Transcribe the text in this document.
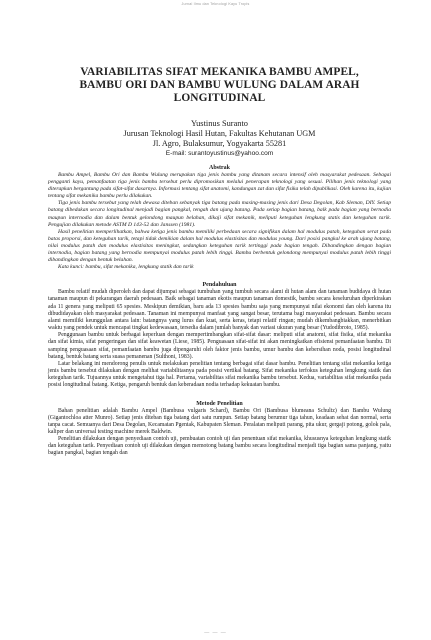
Jurnal Ilmu dan Teknologi Kayu Tropis
VARIABILITAS SIFAT MEKANIKA BAMBU AMPEL,
BAMBU ORI DAN BAMBU WULUNG DALAM ARAH
LONGITUDINAL
Yustinus Suranto
Jurusan Teknologi Hasil Hutan, Fakultas Kehutanan UGM
Jl. Agro, Bulaksumur, Yogyakarta 55281
E-mail: surantoyustinus@yahoo.com
Abstrak

Bambu Ampel, Bambu Ori dan Bambu Wulung merupakan tiga jenis bambu yang ditanam secara intensif oleh masyarakat pedesaan. Sebagai pengganti kayu, pemanfaatan tiga jenis bambu tersebut perlu dipromosikan melalui penerapan teknologi yang sesuai. Pilihan jenis teknologi yang diterapkan bergantung pada sifat-sifat dasarnya. Informasi tentang sifat anatomi, kandungan zat dan sifat fisika telah dipublikasi. Oleh karena itu, kajian tentang sifat mekanika bambu perlu dilakukan.

Tiga jenis bambu tersebut yang telah dewasa diteban sebanyak tiga batang pada masing-masing jenis dari Desa Degolan, Kab Sleman, DIY. Setiap batang dibedakan secara longitudinal menjadi bagian pangkal, tengah dan ujung batang. Pada setiap bagian batang, balk pada bagian yang bernodia maupun internodia dan dalam bentuk gelondong maupun belahan, dikaji sifat mekanik, meliputi keteguhan lengkung statis dan keteguhan tarik. Pengujian dilakukan metode ASTM D 143-52 dan Janssen (1981).

Hasil penelitian memperlihatkan, bahwa ketiga jenis bambu memiliki perbedaan secara signifikan dalam hal modulus patah, keteguhan serat pada batas proporsi, dan keteguhan tarik, tetapi tidak demikian dalam hal modulus elastisitas dan modulus young. Dari posisi pangkal ke arah ujung batang, nilai modulus patah dan modulus elastisitas meningkat, sedangkan keteguhan tarik tertinggi pada bagian tengah. Dibandingkan dengan bagian internodia, bagian batang yang bernodia mempunyai modulus patah lebih tinggi. Bambu berbentuk gelondong mempunyai modulus patah lebih tinggi dibandingkan dengan bentuk belahan.

Kata kunci: bambu, sifat mekanika, lengkung statik dan tarik

Pendahuluan

Bambu relatif mudah diperoleh dan dapat dijumpai sebagai tumbuhan yang tumbuh secara alami di hutan alam dan tanaman budidaya di hutan tanaman maupun di pekarangan daerah pedesaan. Baik sebagai tanaman ekotis maupun tanaman domestik, bambu secara keseluruhan diperkirakan ada 11 genera yang meliputi 65 spesies. Meskipun demikian, baru ada 13 spesies bambu saja yang mempunyai nilai ekonomi dan oleh karena itu dibudidayakan oleh masyarakat pedesaan. Tanaman ini mempunyai manfaat yang sangat besar, terutama bagi masyarakat pedesaan. Bambu secara alami memiliki keunggulan antara lain: batangnya yang lurus dan kuat, serta keras, tetapi relatif ringan; mudah dikembangbiakkan, menerbitkan waktu yang pendek untuk mencapai tingkat kedewasaan, tersedia dalam jumlah banyak dan variasi ukuran yang besar (Yudodibroto, 1985).

Penggunaan bambu untuk berbagai keperluan dengan mempertimbangkan sifat-sifat dasar: meliputi sifat anatomi, sifat fisika, sifat mekanika dan sifat kimia, sifat pengeringan dan sifat keawetan (Liese, 1985). Penguasaan sifat-sifat ini akan meningkatkan efisiensi pemanfaatan bambu. Di samping penguasaan sifat, pemanfaatan bambu juga dipengaruhi oleh faktor jenis bambu, umur bambu dan kebersihan noda, posisi longitudinal batang, bentuk batang serta suasa pemanenan (Sulthoni, 1983).

Latar belakang ini mendorong penulis untuk melakukan penelitian tentang berbagai sifat dasar bambu. Penelitian tentang sifat mekanika ketiga jenis bambu tersebut dilakukan dengan melihat variabilitasnya pada posisi vertikal batang. Sifat mekanika terfokus keteguhan lengkung statik dan keteguhan tarik. Tujuannya untuk mengetahui tiga hal. Pertama, variabilitas sifat mekanika bambu tersebut. Kedua, variabilitas sifat mekanika pada posisi longitudinal batang. Ketiga, pengaruh bentuk dan keberadaan nodia terhadap kekuatan bambu.

Metode Penelitian

Bahan penelitian adalah Bambu Ampel (Bambusa vulgaris Schard), Bambu Ori (Bambusa blumeana Schultz) dan Bambu Wulung (Gigantochloa atter Munro). Setiap jenis diteban tiga batang dari satu rumpun. Setiap batang berumur tiga tahun, keadaan sehat dan normal, serta tanpa cacat. Semuanya dari Desa Degolan, Kecamatan Pgentak, Kabupaten Sleman. Peralatan meliputi parang, pita ukur, gergaji potong, golok pala, kaliper dan universal testing machine merek Baldwin.

Penelitian dilakukan dengan penyediaan contoh uji, pembuatan contoh uji dan penentuan sifat mekanika, khususnya keteguhan lengkung statik dan keteguhan tarik. Penyediaan contoh uji dilakukan dengan memotong batang bambu secara longitudinal menjadi tiga bagian sama panjang, yaitu bagian pangkal, bagian tengah dan

— — —
